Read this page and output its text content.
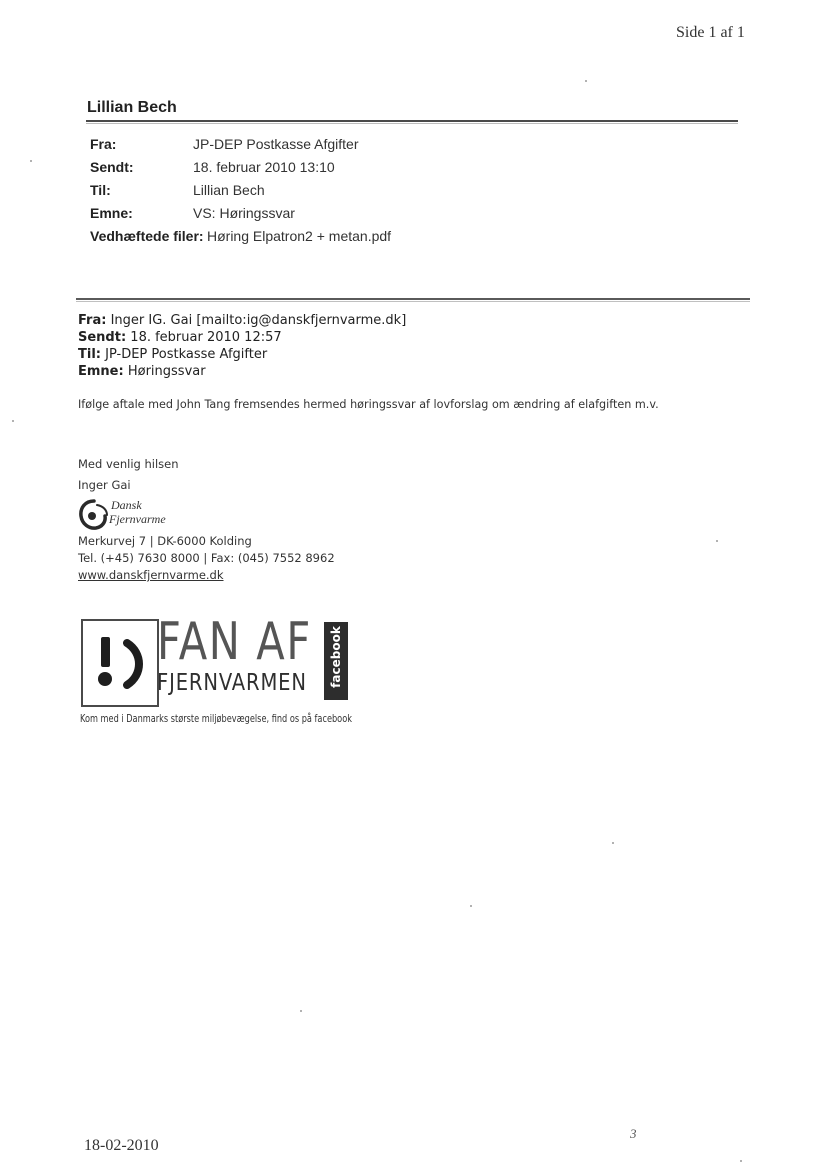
Side 1 af 1
Lillian Bech
Fra:	JP-DEP Postkasse Afgifter
Sendt:	18. februar 2010 13:10
Til:	Lillian Bech
Emne:	VS: Høringssvar
Vedhæftede filer: Høring Elpatron2 + metan.pdf
Fra: Inger IG. Gai [mailto:ig@danskfjernvarme.dk]
Sendt: 18. februar 2010 12:57
Til: JP-DEP Postkasse Afgifter
Emne: Høringssvar
Ifølge aftale med John Tang fremsendes hermed høringssvar af lovforslag om ændring af elafgiften m.v.
Med venlig hilsen
Inger Gai
Dansk
Fjernvarme
Merkurvej 7 | DK-6000 Kolding
Tel. (+45) 7630 8000 | Fax: (045) 7552 8962
www.danskfjernvarme.dk
FAN AF
FJERNVARMEN facebook
Kom med i Danmarks største miljøbevægelse, find os på facebook
18-02-2010
3
